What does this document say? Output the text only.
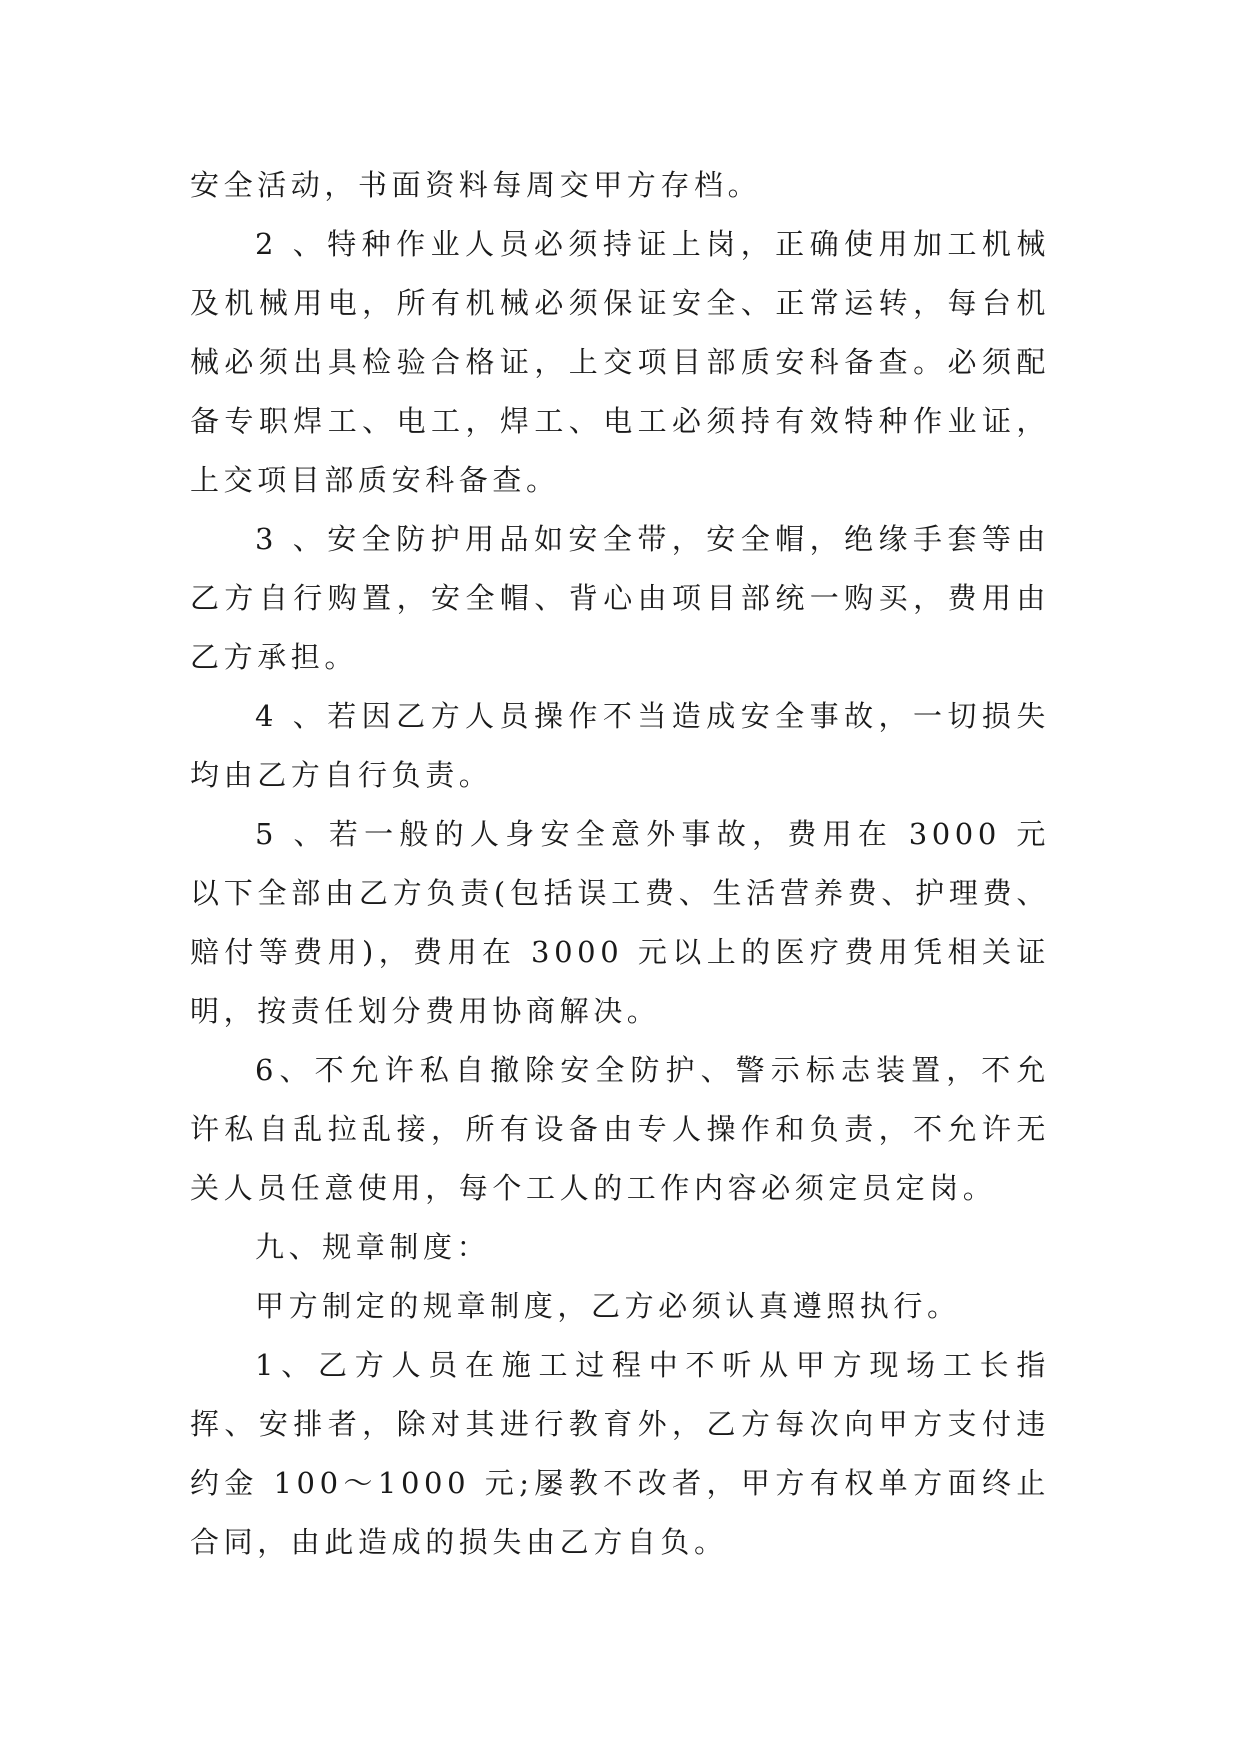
安全活动，书面资料每周交甲方存档。

2 、特种作业人员必须持证上岗，正确使用加工机械及机械用电，所有机械必须保证安全、正常运转，每台机械必须出具检验合格证，上交项目部质安科备查。必须配备专职焊工、电工，焊工、电工必须持有效特种作业证，上交项目部质安科备查。

3 、安全防护用品如安全带，安全帽，绝缘手套等由乙方自行购置，安全帽、背心由项目部统一购买，费用由乙方承担。

4 、若因乙方人员操作不当造成安全事故，一切损失均由乙方自行负责。

5 、若一般的人身安全意外事故，费用在 3000 元以下全部由乙方负责(包括误工费、生活营养费、护理费、赔付等费用)，费用在 3000 元以上的医疗费用凭相关证明，按责任划分费用协商解决。

6、不允许私自撤除安全防护、警示标志装置，不允许私自乱拉乱接，所有设备由专人操作和负责，不允许无关人员任意使用，每个工人的工作内容必须定员定岗。

九、规章制度：

甲方制定的规章制度，乙方必须认真遵照执行。

1、乙方人员在施工过程中不听从甲方现场工长指挥、安排者，除对其进行教育外，乙方每次向甲方支付违约金 100～1000 元;屡教不改者，甲方有权单方面终止合同，由此造成的损失由乙方自负。
